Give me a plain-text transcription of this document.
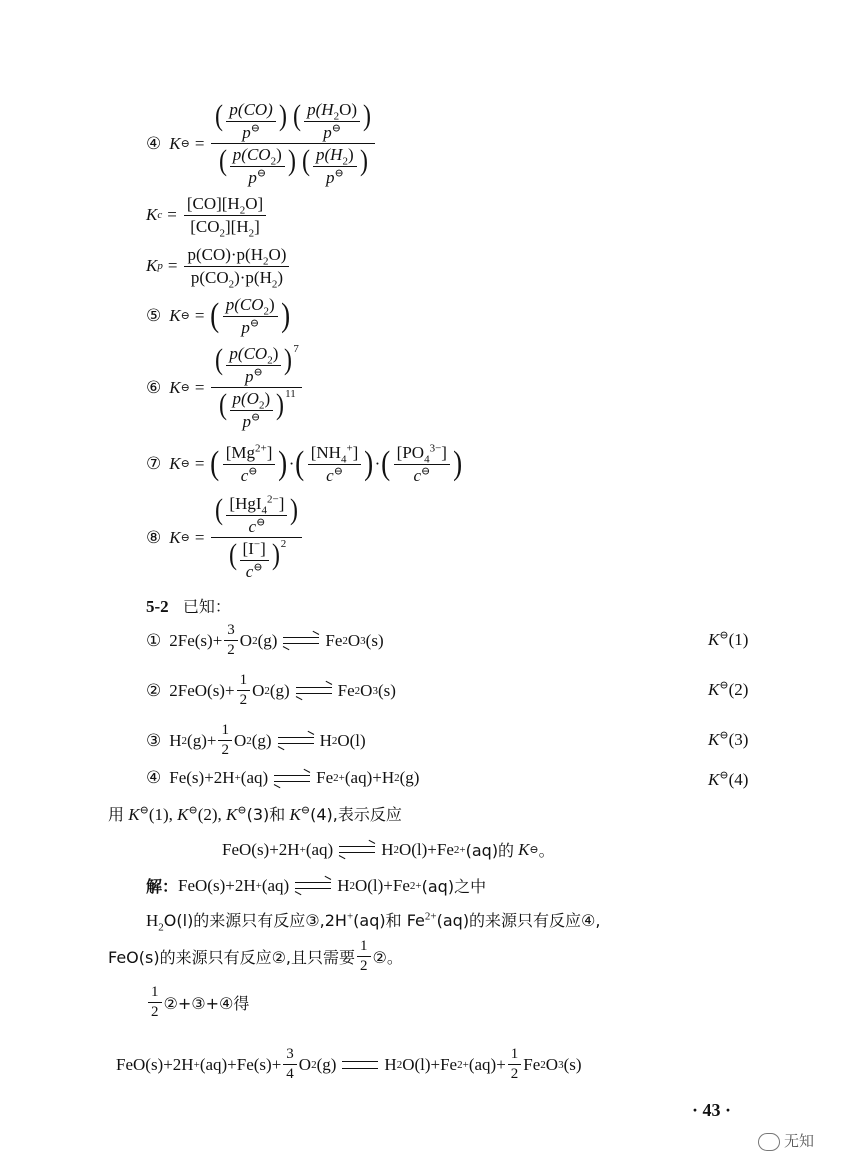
④ K ⊖ = $\frac{( \frac{p(CO)}{p^⊖} ) ( \frac{p(H_2O)}{p^⊖} )}{( \frac{p(CO_2)}{p^⊖} ) ( \frac{p(H_2)}{p^⊖} )}$
K $c = \frac{[CO][H_2O]}{[CO_2][H_2]}$
K $p = \frac{p(CO)\cdot p(H_2O)}{p(CO_2)\cdot p(H_2)}$
⑤ K ⊖ = ( $\frac{p(CO_2)}{p^⊖}$ )
⑥ K ⊖ = $\frac{( \frac{p(CO_2)}{p^⊖} )^7}{( \frac{p(O_2)}{p^⊖} )^{11}}$
⑦ K ⊖ = ( $\frac{[Mg^{2+}]}{c^⊖}$ ) · ( $\frac{[NH_4^+]}{c^⊖}$ ) · ( $\frac{[PO_4^{3-}]}{c^⊖}$ )
⑧ K ⊖ = $\frac{( \frac{[HgI_4^{2-}]}{c^⊖} )}{( \frac{[I^-]}{c^⊖} )^2}$
5-2 已知：
① $2Fe(s)+ \frac{3}{2}$ O 2 (g)	Fe 2 O 3 (s)	K⊖(1)
② $2FeO(s)+ \frac{1}{2}$ O 2 (g)	Fe 2 O 3 (s)	K⊖(2)
③ H 2 $(g)+ \frac{1}{2}$ O 2 (g)	H 2 O(l)	K⊖(3)
④ Fe(s)+2H + (aq)	Fe 2+ (aq)+H 2 (g)	K⊖(4)
用 K⊖(1), K⊖(2), K⊖(3)和 K⊖(4),表示反应
FeO(s)+2H + (aq)	H 2 O(l)+Fe 2+ (aq)的 K ⊖ 。
解： FeO(s)+2H + (aq)	H 2 O(l)+Fe 2+ (aq)之中
$H_2O(l)$的来源只有反应③,2H+(aq)和 $Fe^{2+}(aq)$的来源只有反应④,
FeO(s)的来源只有反应②,且只需要 $\frac{1}{2}$ ②。
$\frac{1}{2}$ ②+③+④得
$FeO(s)+2H + (aq)+Fe(s)+ \frac{3}{4}$ O 2 (g)	H 2 O(l)+Fe $2+ (aq)+ \frac{1}{2}$ Fe 2 O 3 (s)
· 43 ·
无知
